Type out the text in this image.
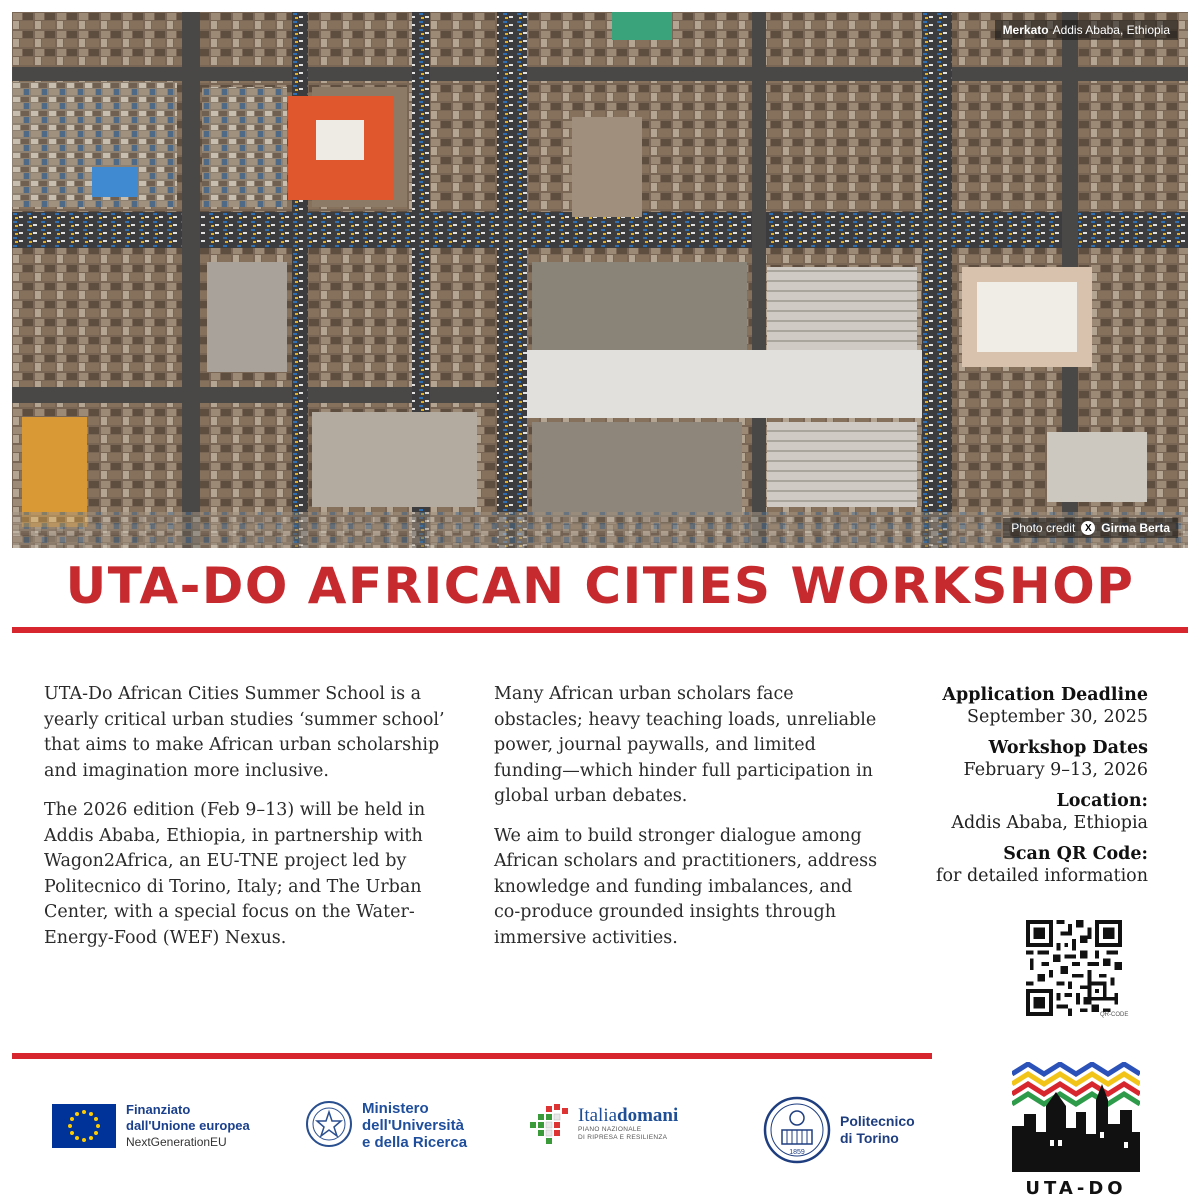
Merkato Addis Ababa, Ethiopia
Photo credit X Girma Berta
UTA-DO AFRICAN CITIES WORKSHOP

UTA-Do African Cities Summer School is a yearly critical urban studies ‘summer school’ that aims to make African urban scholarship and imagination more inclusive.

The 2026 edition (Feb 9–13) will be held in Addis Ababa, Ethiopia, in partnership with Wagon2Africa, an EU-TNE project led by Politecnico di Torino, Italy; and The Urban Center, with a special focus on the Water-Energy-Food (WEF) Nexus.

Many African urban scholars face obstacles; heavy teaching loads, unreliable power, journal paywalls, and limited funding—which hinder full participation in global urban debates.

We aim to build stronger dialogue among African scholars and practitioners, address knowledge and funding imbalances, and co-produce grounded insights through immersive activities.

Application Deadline
September 30, 2025
Workshop Dates
February 9–13, 2026
Location:
Addis Ababa, Ethiopia
Scan QR Code:
for detailed information
QR-CODE
Finanziato
dall'Unione europea
NextGenerationEU
Ministero
dell'Università
e della Ricerca
Italiadomani
PIANO NAZIONALE
DI RIPRESA E RESILIENZA
1859
Politecnico
di Torino
UTA-DO
